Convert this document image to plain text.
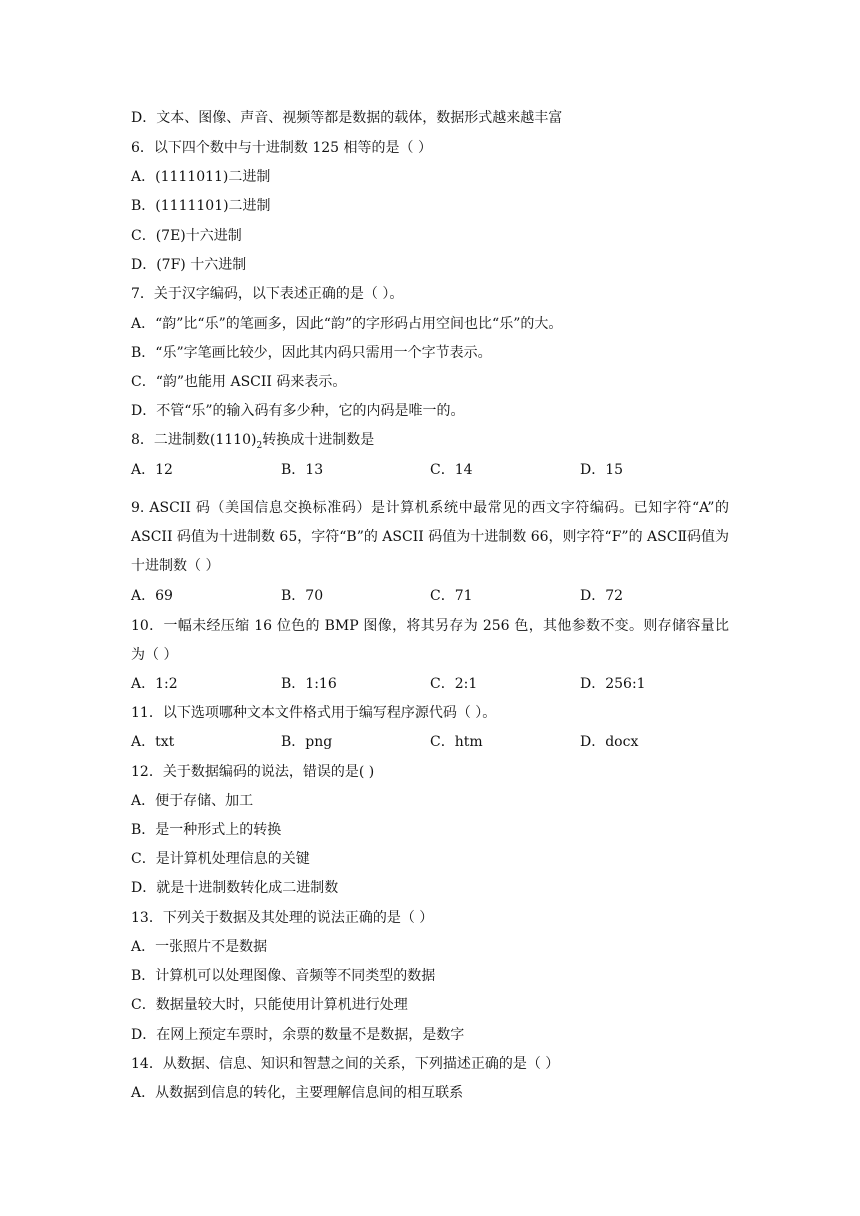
D．文本、图像、声音、视频等都是数据的载体，数据形式越来越丰富
6．以下四个数中与十进制数 125 相等的是（ ）
A．(1111011)二进制
B．(1111101)二进制
C．(7E)十六进制
D．(7F) 十六进制
7．关于汉字编码，以下表述正确的是（ ）。
A．“韵”比“乐”的笔画多，因此“韵”的字形码占用空间也比“乐”的大。
B．“乐”字笔画比较少，因此其内码只需用一个字节表示。
C．“韵”也能用 ASCII 码来表示。
D．不管“乐”的输入码有多少种，它的内码是唯一的。
8．二进制数$(1110)_2$转换成十进制数是
A．12	B．13	C．14	D．15
9. ASCII 码（美国信息交换标准码）是计算机系统中最常见的西文字符编码。已知字符“A”的 ASCII 码值为十进制数 65，字符“B”的 ASCII 码值为十进制数 66，则字符“F”的 ASCⅡ码值为十进制数（ ）
A．69	B．70	C．71	D．72
10．一幅未经压缩 16 位色的 BMP 图像，将其另存为 256 色，其他参数不变。则存储容量比为（ ）
A．1:2	B．1:16	C．2:1	D．256:1
11．以下选项哪种文本文件格式用于编写程序源代码（ ）。
A．txt	B．png	C．htm	D．docx
12．关于数据编码的说法，错误的是( )
A．便于存储、加工
B．是一种形式上的转换
C．是计算机处理信息的关键
D．就是十进制数转化成二进制数
13．下列关于数据及其处理的说法正确的是（ ）
A．一张照片不是数据
B．计算机可以处理图像、音频等不同类型的数据
C．数据量较大时，只能使用计算机进行处理
D．在网上预定车票时，余票的数量不是数据，是数字
14．从数据、信息、知识和智慧之间的关系，下列描述正确的是（ ）
A．从数据到信息的转化，主要理解信息间的相互联系
